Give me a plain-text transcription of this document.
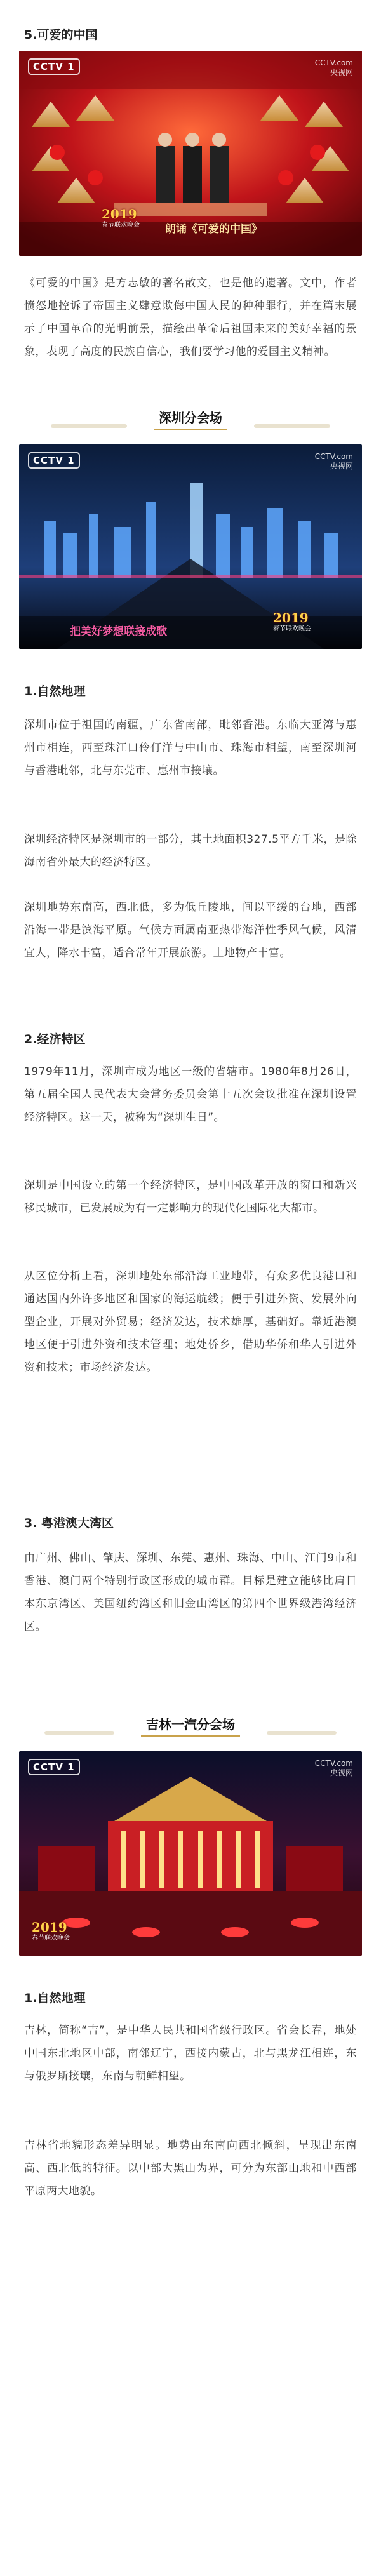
5.可爱的中国
CCTV 1	CCTV.com
央视网
2019
春节联欢晚会 朗诵《可爱的中国》
《可爱的中国》是方志敏的著名散文，也是他的遗著。文中，作者愤怒地控诉了帝国主义肆意欺侮中国人民的种种罪行，并在篇末展示了中国革命的光明前景，描绘出革命后祖国未来的美好幸福的景象，表现了高度的民族自信心，我们要学习他的爱国主义精神。
深圳分会场
CCTV 1	CCTV.com
央视网
把美好梦想联接成歌
2019
春节联欢晚会
1.自然地理
深圳市位于祖国的南疆，广东省南部，毗邻香港。东临大亚湾与惠州市相连，西至珠江口伶仃洋与中山市、珠海市相望，南至深圳河与香港毗邻，北与东莞市、惠州市接壤。
深圳经济特区是深圳市的一部分，其土地面积327.5平方千米，是除海南省外最大的经济特区。
深圳地势东南高，西北低，多为低丘陵地，间以平缓的台地，西部沿海一带是滨海平原。气候方面属南亚热带海洋性季风气候，风清宜人，降水丰富，适合常年开展旅游。土地物产丰富。
2.经济特区
1979年11月，深圳市成为地区一级的省辖市。1980年8月26日，第五届全国人民代表大会常务委员会第十五次会议批准在深圳设置经济特区。这一天，被称为“深圳生日”。
深圳是中国设立的第一个经济特区，是中国改革开放的窗口和新兴移民城市，已发展成为有一定影响力的现代化国际化大都市。
从区位分析上看，深圳地处东部沿海工业地带，有众多优良港口和通达国内外许多地区和国家的海运航线；便于引进外资、发展外向型企业，开展对外贸易；经济发达，技术雄厚，基础好。靠近港澳地区便于引进外资和技术管理；地处侨乡，借助华侨和华人引进外资和技术；市场经济发达。
3. 粤港澳大湾区
由广州、佛山、肇庆、深圳、东莞、惠州、珠海、中山、江门9市和香港、澳门两个特别行政区形成的城市群。目标是建立能够比肩日本东京湾区、美国纽约湾区和旧金山湾区的第四个世界级港湾经济区。
吉林一汽分会场
CCTV 1	CCTV.com
央视网
2019
春节联欢晚会
1.自然地理
吉林，简称“吉”，是中华人民共和国省级行政区。省会长春，地处中国东北地区中部，南邻辽宁，西接内蒙古，北与黑龙江相连，东与俄罗斯接壤，东南与朝鲜相望。
吉林省地貌形态差异明显。地势由东南向西北倾斜，呈现出东南高、西北低的特征。以中部大黑山为界，可分为东部山地和中西部平原两大地貌。
